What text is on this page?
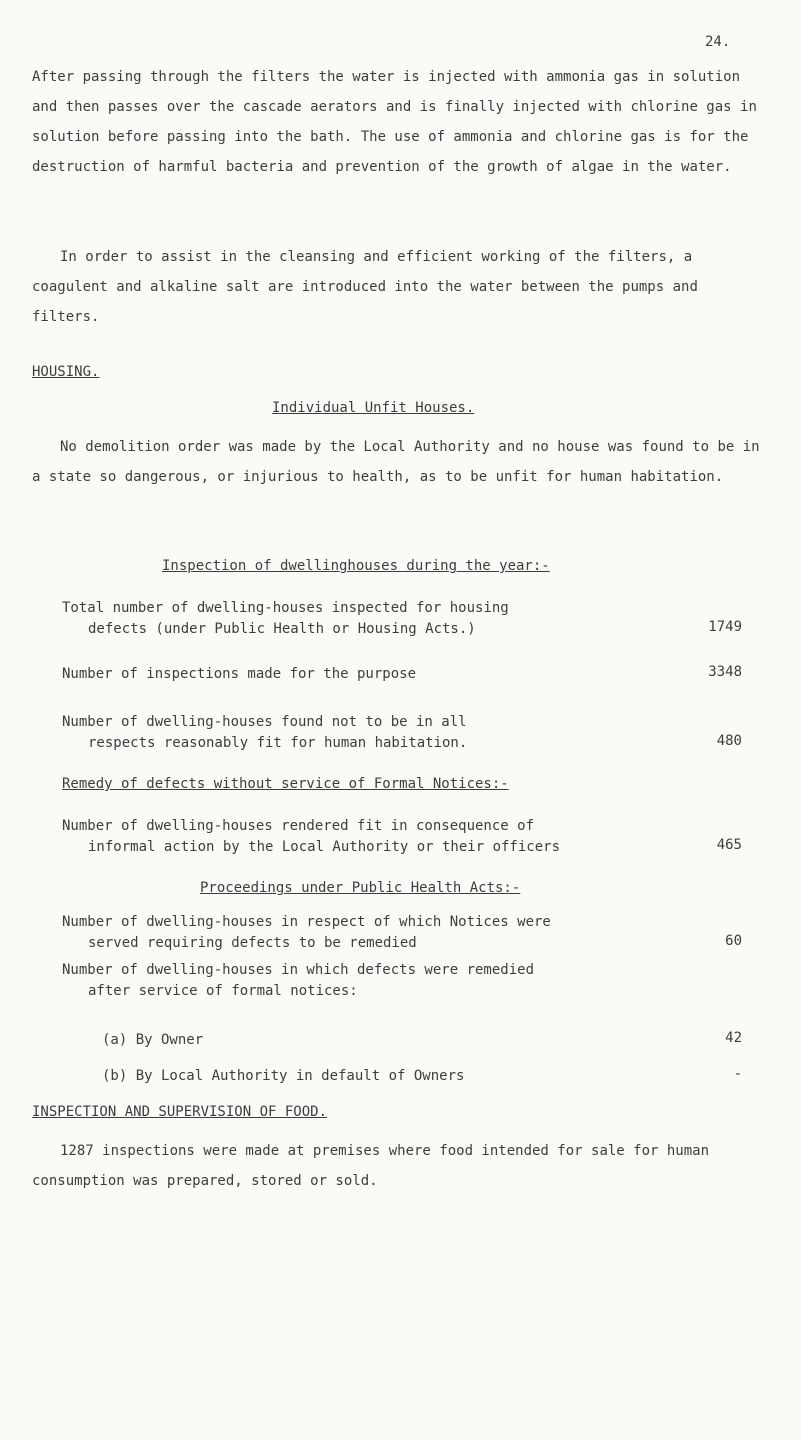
24.

After passing through the filters the water is injected with ammonia gas in solution and then passes over the cascade aerators and is finally injected with chlorine gas in solution before passing into the bath. The use of ammonia and chlorine gas is for the destruction of harmful bacteria and prevention of the growth of algae in the water.

In order to assist in the cleansing and efficient working of the filters, a coagulent and alkaline salt are introduced into the water between the pumps and filters.

HOUSING.

Individual Unfit Houses.

No demolition order was made by the Local Authority and no house was found to be in a state so dangerous, or injurious to health, as to be unfit for human habitation.

Inspection of dwellinghouses during the year:-

Total number of dwelling-houses inspected for housing
defects (under Public Health or Housing Acts.)	1749
Number of inspections made for the purpose	3348
Number of dwelling-houses found not to be in all
respects reasonably fit for human habitation.	480

Remedy of defects without service of Formal Notices:-

Number of dwelling-houses rendered fit in consequence of
informal action by the Local Authority or their officers	465

Proceedings under Public Health Acts:-

Number of dwelling-houses in respect of which Notices were
served requiring defects to be remedied	60
Number of dwelling-houses in which defects were remedied
after service of formal notices:
(a) By Owner	42
(b) By Local Authority in default of Owners	-

INSPECTION AND SUPERVISION OF FOOD.

1287 inspections were made at premises where food intended for sale for human consumption was prepared, stored or sold.
